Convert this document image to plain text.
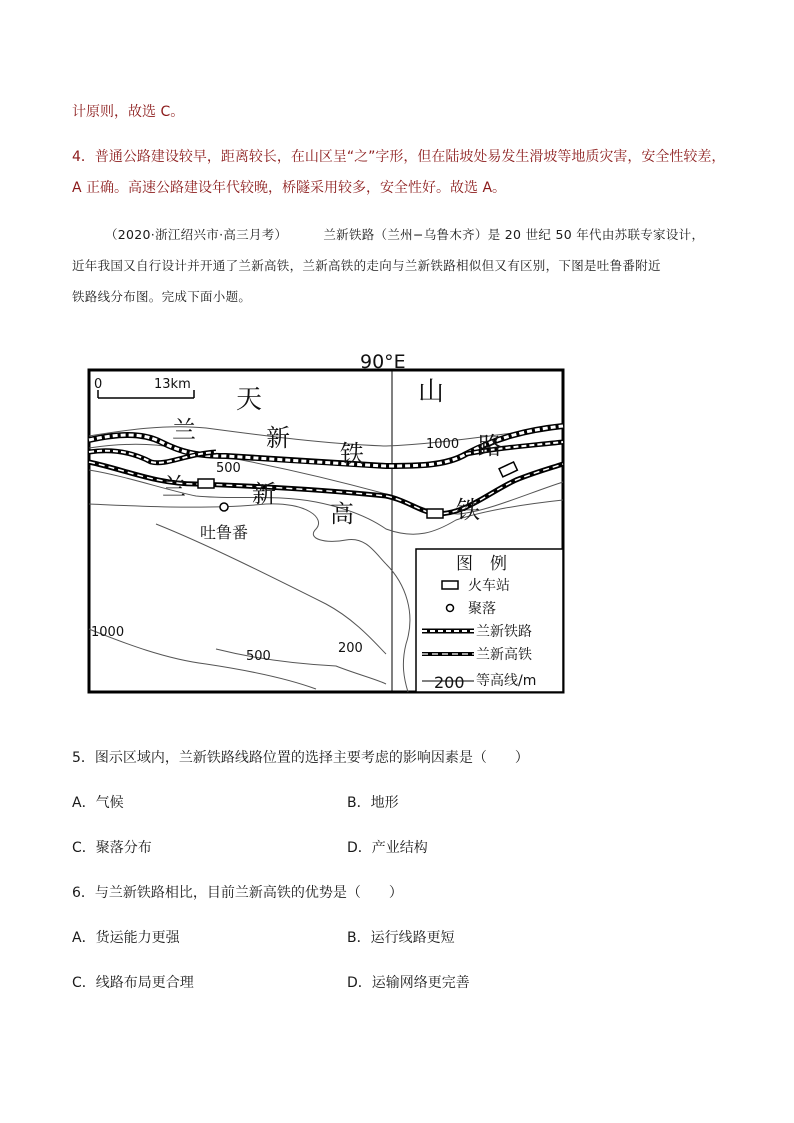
计原则，故选 C。
4．普通公路建设较早，距离较长，在山区呈“之”字形，但在陆坡处易发生滑坡等地质灾害，安全性较差，
A 正确。高速公路建设年代较晚，桥隧采用较多，安全性好。故选 A。
（2020·浙江绍兴市·高三月考）	兰新铁路（兰州−乌鲁木齐）是 20 世纪 50 年代由苏联专家设计，
近年我国又自行设计并开通了兰新高铁，兰新高铁的走向与兰新铁路相似但又有区别，下图是吐鲁番附近
铁路线分布图。完成下面小题。
90°E
0	13km
天	山
1000
500
1000
500
200
兰	新
铁	路
兰	新
高	铁
吐鲁番
图　例
火车站
聚落
兰新铁路
兰新高铁
200 等高线/m
5．图示区域内，兰新铁路线路位置的选择主要考虑的影响因素是（　　）
A．气候	B．地形
C．聚落分布	D．产业结构
6．与兰新铁路相比，目前兰新高铁的优势是（　　）
A．货运能力更强	B．运行线路更短
C．线路布局更合理	D．运输网络更完善
